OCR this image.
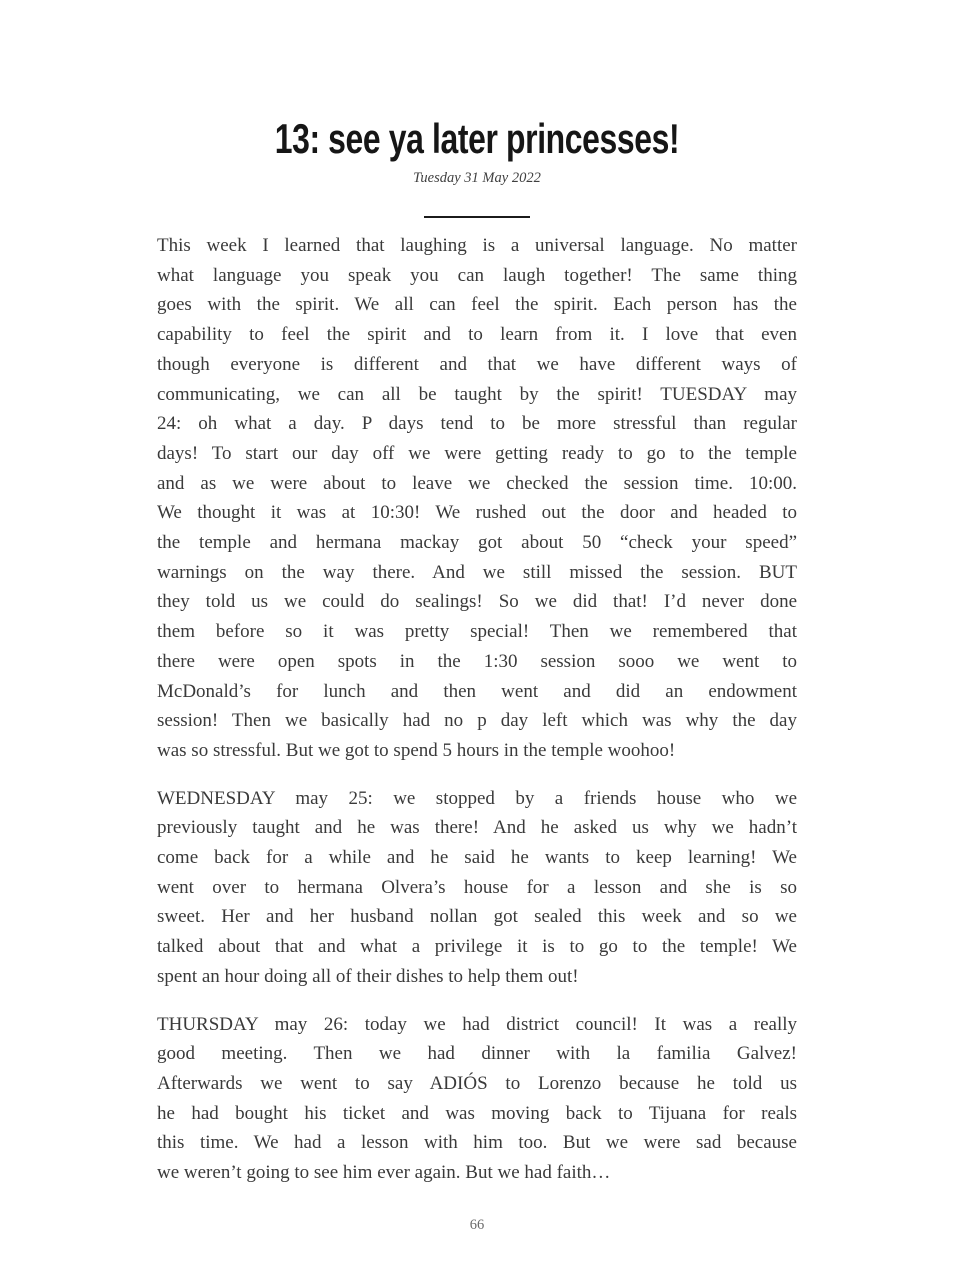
13: see ya later princesses!
Tuesday 31 May 2022
This week I learned that laughing is a universal language. No matter
what language you speak you can laugh together! The same thing
goes with the spirit. We all can feel the spirit. Each person has the
capability to feel the spirit and to learn from it. I love that even
though everyone is different and that we have different ways of
communicating, we can all be taught by the spirit! TUESDAY may
24: oh what a day. P days tend to be more stressful than regular
days! To start our day off we were getting ready to go to the temple
and as we were about to leave we checked the session time. 10:00.
We thought it was at 10:30! We rushed out the door and headed to
the temple and hermana mackay got about 50 “check your speed”
warnings on the way there. And we still missed the session. BUT
they told us we could do sealings! So we did that! I’d never done
them before so it was pretty special! Then we remembered that
there were open spots in the 1:30 session sooo we went to
McDonald’s for lunch and then went and did an endowment
session! Then we basically had no p day left which was why the day
was so stressful. But we got to spend 5 hours in the temple woohoo!
WEDNESDAY may 25: we stopped by a friends house who we
previously taught and he was there! And he asked us why we hadn’t
come back for a while and he said he wants to keep learning! We
went over to hermana Olvera’s house for a lesson and she is so
sweet. Her and her husband nollan got sealed this week and so we
talked about that and what a privilege it is to go to the temple! We
spent an hour doing all of their dishes to help them out!
THURSDAY may 26: today we had district council! It was a really
good meeting. Then we had dinner with la familia Galvez!
Afterwards we went to say ADIÓS to Lorenzo because he told us
he had bought his ticket and was moving back to Tijuana for reals
this time. We had a lesson with him too. But we were sad because
we weren’t going to see him ever again. But we had faith…
66
